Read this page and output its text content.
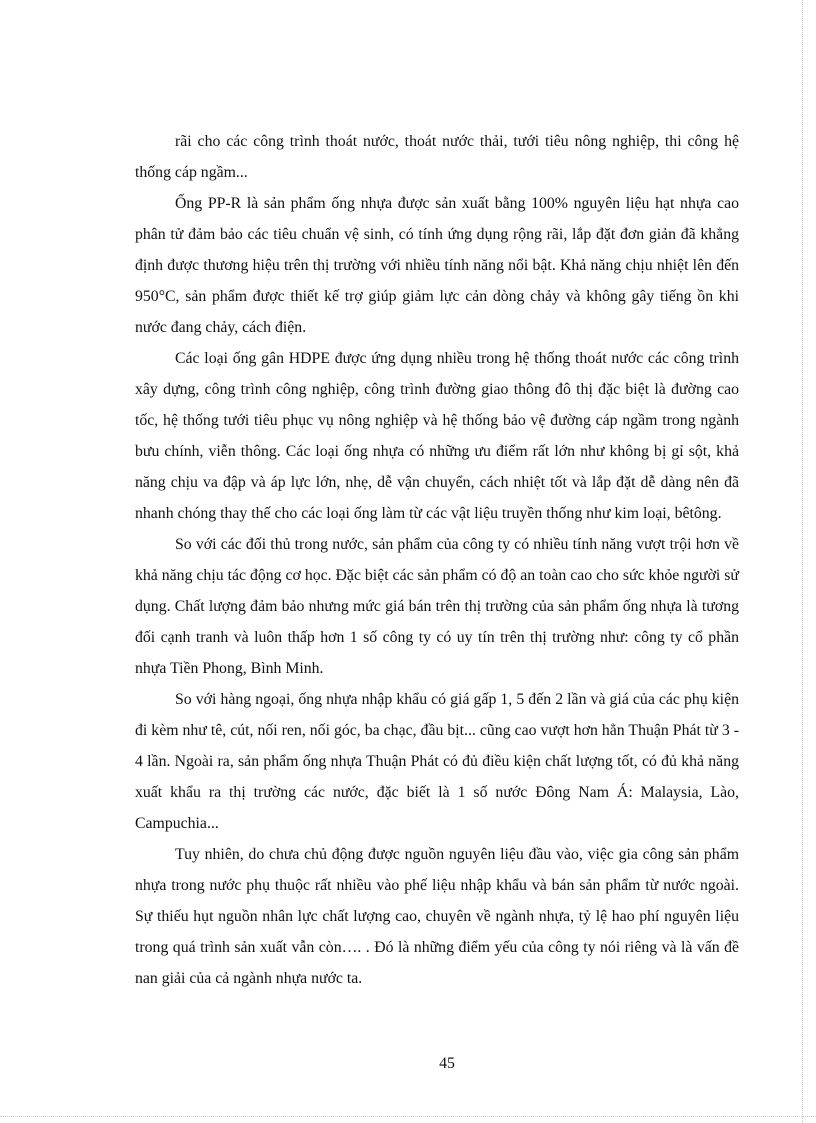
rãi cho các công trình thoát nước, thoát nước thải, tưới tiêu nông nghiệp, thi công hệ thống cáp ngầm...

Ống PP-R là sản phẩm ống nhựa được sản xuất bằng 100% nguyên liệu hạt nhựa cao phân tử đảm bảo các tiêu chuẩn vệ sinh, có tính ứng dụng rộng rãi, lắp đặt đơn giản đã khẳng định được thương hiệu trên thị trường với nhiều tính năng nổi bật. Khả năng chịu nhiệt lên đến 950°C, sản phẩm được thiết kế trợ giúp giảm lực cản dòng chảy và không gây tiếng ồn khi nước đang chảy, cách điện.

Các loại ống gân HDPE được ứng dụng nhiều trong hệ thống thoát nước các công trình xây dựng, công trình công nghiệp, công trình đường giao thông đô thị đặc biệt là đường cao tốc, hệ thống tưới tiêu phục vụ nông nghiệp và hệ thống bảo vệ đường cáp ngầm trong ngành bưu chính, viễn thông. Các loại ống nhựa có những ưu điểm rất lớn như không bị gỉ sột, khả năng chịu va đập và áp lực lớn, nhẹ, dễ vận chuyển, cách nhiệt tốt và lắp đặt dễ dàng nên đã nhanh chóng thay thế cho các loại ống làm từ các vật liệu truyền thống như kim loại, bêtông.

So với các đối thủ trong nước, sản phẩm của công ty có nhiều tính năng vượt trội hơn về khả năng chịu tác động cơ học. Đặc biệt các sản phẩm có độ an toàn cao cho sức khỏe người sử dụng. Chất lượng đảm bảo nhưng mức giá bán trên thị trường của sản phẩm ống nhựa là tương đối cạnh tranh và luôn thấp hơn 1 số công ty có uy tín trên thị trường như: công ty cổ phần nhựa Tiền Phong, Bình Minh.

So với hàng ngoại, ống nhựa nhập khẩu có giá gấp 1, 5 đến 2 lần và giá của các phụ kiện đi kèm như tê, cút, nối ren, nối góc, ba chạc, đầu bịt... cũng cao vượt hơn hẳn Thuận Phát từ 3 - 4 lần. Ngoài ra, sản phẩm ống nhựa Thuận Phát có đủ điều kiện chất lượng tốt, có đủ khả năng xuất khẩu ra thị trường các nước, đặc biết là 1 số nước Đông Nam Á: Malaysia, Lào, Campuchia...

Tuy nhiên, do chưa chủ động được nguồn nguyên liệu đầu vào, việc gia công sản phẩm nhựa trong nước phụ thuộc rất nhiều vào phế liệu nhập khẩu và bán sản phẩm từ nước ngoài. Sự thiếu hụt nguồn nhân lực chất lượng cao, chuyên về ngành nhựa, tỷ lệ hao phí nguyên liệu trong quá trình sản xuất vẫn còn…. . Đó là những điểm yếu của công ty nói riêng và là vấn đề nan giải của cả ngành nhựa nước ta.

45
